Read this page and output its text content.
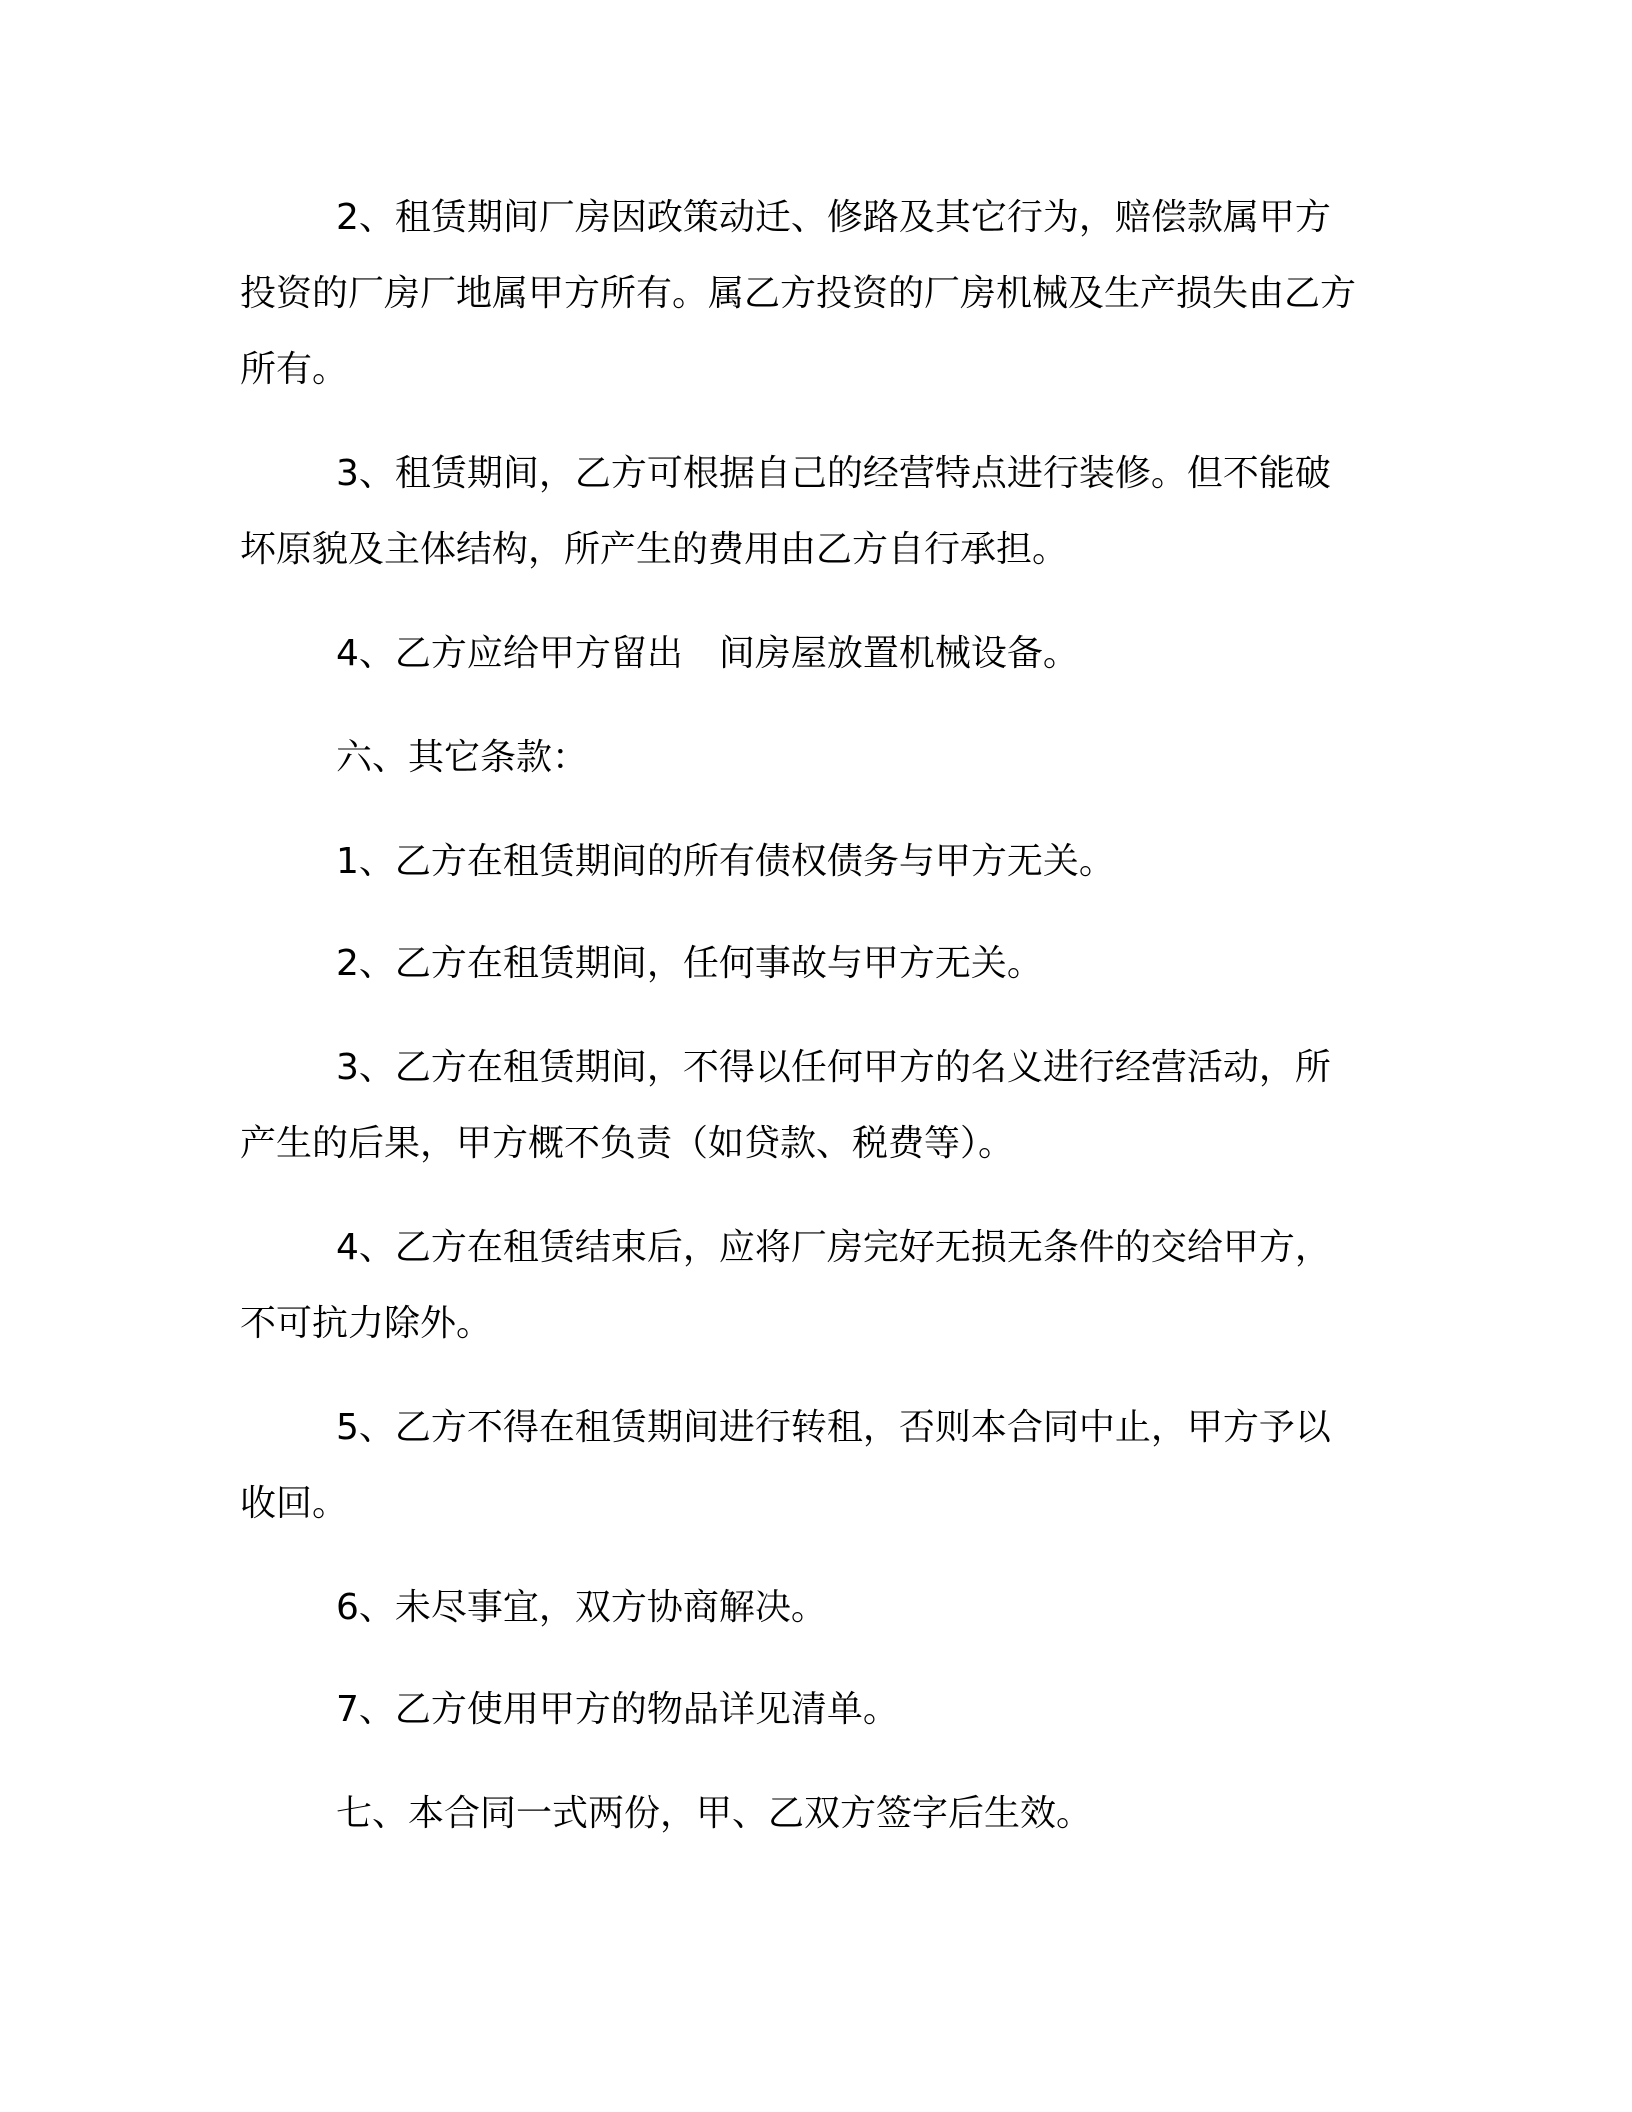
2、租赁期间厂房因政策动迁、修路及其它行为，赔偿款属甲方投资的厂房厂地属甲方所有。属乙方投资的厂房机械及生产损失由乙方所有。

3、租赁期间，乙方可根据自己的经营特点进行装修。但不能破坏原貌及主体结构，所产生的费用由乙方自行承担。

4、乙方应给甲方留出 间房屋放置机械设备。

六、其它条款：

1、乙方在租赁期间的所有债权债务与甲方无关。

2、乙方在租赁期间，任何事故与甲方无关。

3、乙方在租赁期间，不得以任何甲方的名义进行经营活动，所产生的后果，甲方概不负责（如贷款、税费等）。

4、乙方在租赁结束后，应将厂房完好无损无条件的交给甲方，不可抗力除外。

5、乙方不得在租赁期间进行转租，否则本合同中止，甲方予以收回。

6、未尽事宜，双方协商解决。

7、乙方使用甲方的物品详见清单。

七、本合同一式两份，甲、乙双方签字后生效。
